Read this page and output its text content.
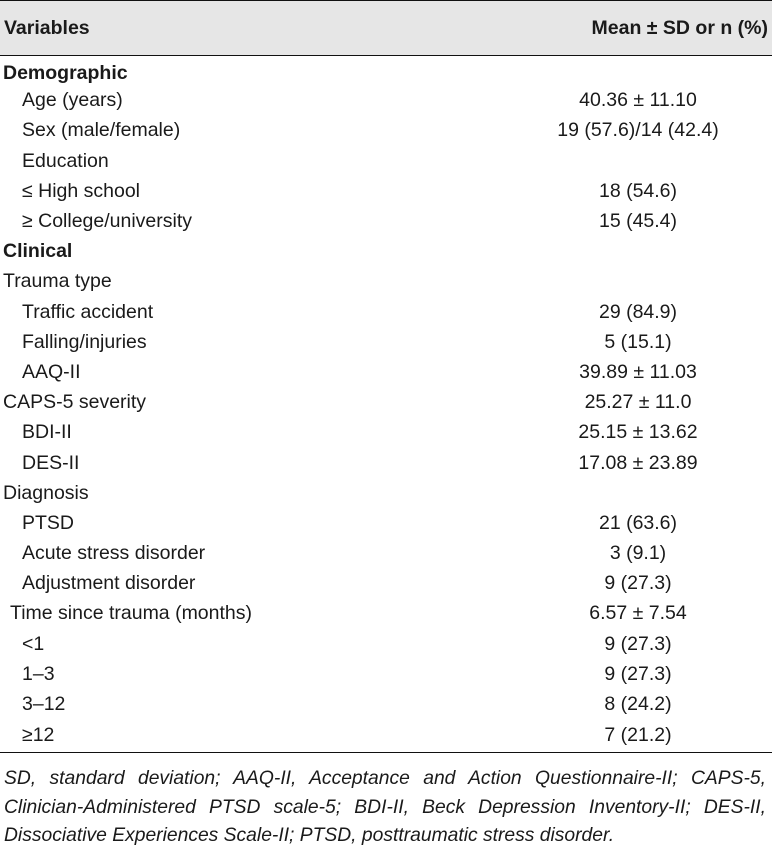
Variables	Mean ± SD or n (%)
Demographic	
Age (years)	40.36 ± 11.10
Sex (male/female)	19 (57.6)/14 (42.4)
Education	
≤ High school	18 (54.6)
≥ College/university	15 (45.4)
Clinical	
Trauma type	
Traffic accident	29 (84.9)
Falling/injuries	5 (15.1)
AAQ-II	39.89 ± 11.03
CAPS-5 severity	25.27 ± 11.0
BDI-II	25.15 ± 13.62
DES-II	17.08 ± 23.89
Diagnosis	
PTSD	21 (63.6)
Acute stress disorder	3 (9.1)
Adjustment disorder	9 (27.3)
Time since trauma (months)	6.57 ± 7.54
<1	9 (27.3)
1–3	9 (27.3)
3–12	8 (24.2)
≥12	7 (21.2)
SD, standard deviation; AAQ-II, Acceptance and Action Questionnaire-II; CAPS-5, Clinician-Administered PTSD scale-5; BDI-II, Beck Depression Inventory-II; DES-II, Dissociative Experiences Scale-II; PTSD, posttraumatic stress disorder.
